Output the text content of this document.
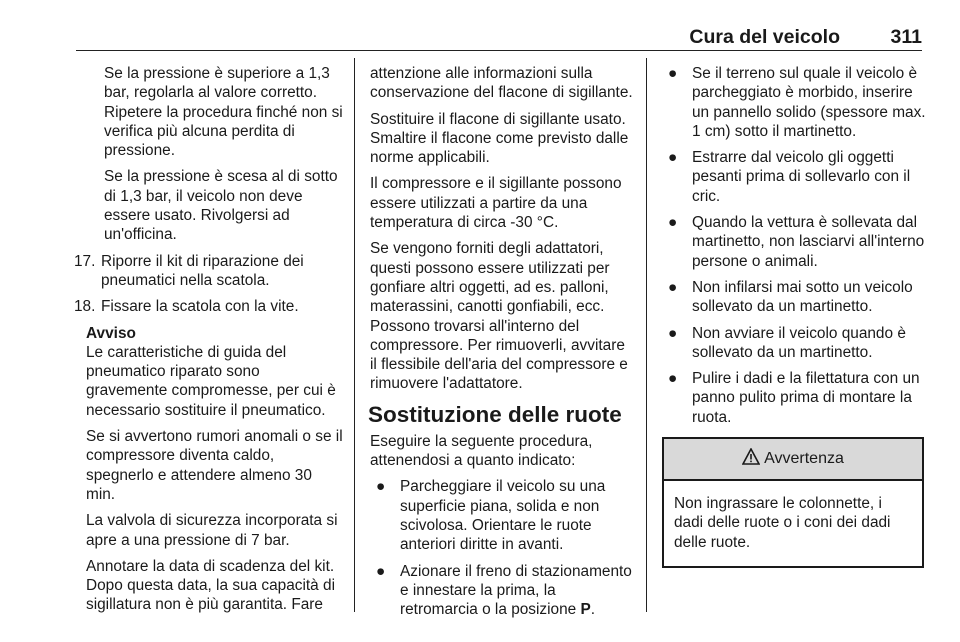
Cura del veicolo	311

Se la pressione è superiore a 1,3 bar, regolarla al valore corretto. Ripetere la procedura finché non si verifica più alcuna perdita di pressione.

Se la pressione è scesa al di sotto di 1,3 bar, il veicolo non deve essere usato. Rivolgersi ad un'officina.

17. Riporre il kit di riparazione dei pneumatici nella scatola.
18. Fissare la scatola con la vite.

Avviso

Le caratteristiche di guida del pneumatico riparato sono gravemente compromesse, per cui è necessario sostituire il pneumatico.

Se si avvertono rumori anomali o se il compressore diventa caldo, spegnerlo e attendere almeno 30 min.

La valvola di sicurezza incorporata si apre a una pressione di 7 bar.

Annotare la data di scadenza del kit. Dopo questa data, la sua capacità di sigillatura non è più garantita. Fare

attenzione alle informazioni sulla conservazione del flacone di sigillante.

Sostituire il flacone di sigillante usato. Smaltire il flacone come previsto dalle norme applicabili.

Il compressore e il sigillante possono essere utilizzati a partire da una temperatura di circa -30 °C.

Se vengono forniti degli adattatori, questi possono essere utilizzati per gonfiare altri oggetti, ad es. palloni, materassini, canotti gonfiabili, ecc. Possono trovarsi all'interno del compressore. Per rimuoverli, avvitare il flessibile dell'aria del compressore e rimuovere l'adattatore.

Sostituzione delle ruote

Eseguire la seguente procedura, attenendosi a quanto indicato:

● Parcheggiare il veicolo su una superficie piana, solida e non scivolosa. Orientare le ruote anteriori diritte in avanti.
● Azionare il freno di stazionamento e innestare la prima, la retromarcia o la posizione P.
● Se il terreno sul quale il veicolo è parcheggiato è morbido, inserire un pannello solido (spessore max. 1 cm) sotto il martinetto.
● Estrarre dal veicolo gli oggetti pesanti prima di sollevarlo con il cric.
● Quando la vettura è sollevata dal martinetto, non lasciarvi all'interno persone o animali.
● Non infilarsi mai sotto un veicolo sollevato da un martinetto.
● Non avviare il veicolo quando è sollevato da un martinetto.
● Pulire i dadi e la filettatura con un panno pulito prima di montare la ruota.
Avvertenza
Non ingrassare le colonnette, i dadi delle ruote o i coni dei dadi delle ruote.
